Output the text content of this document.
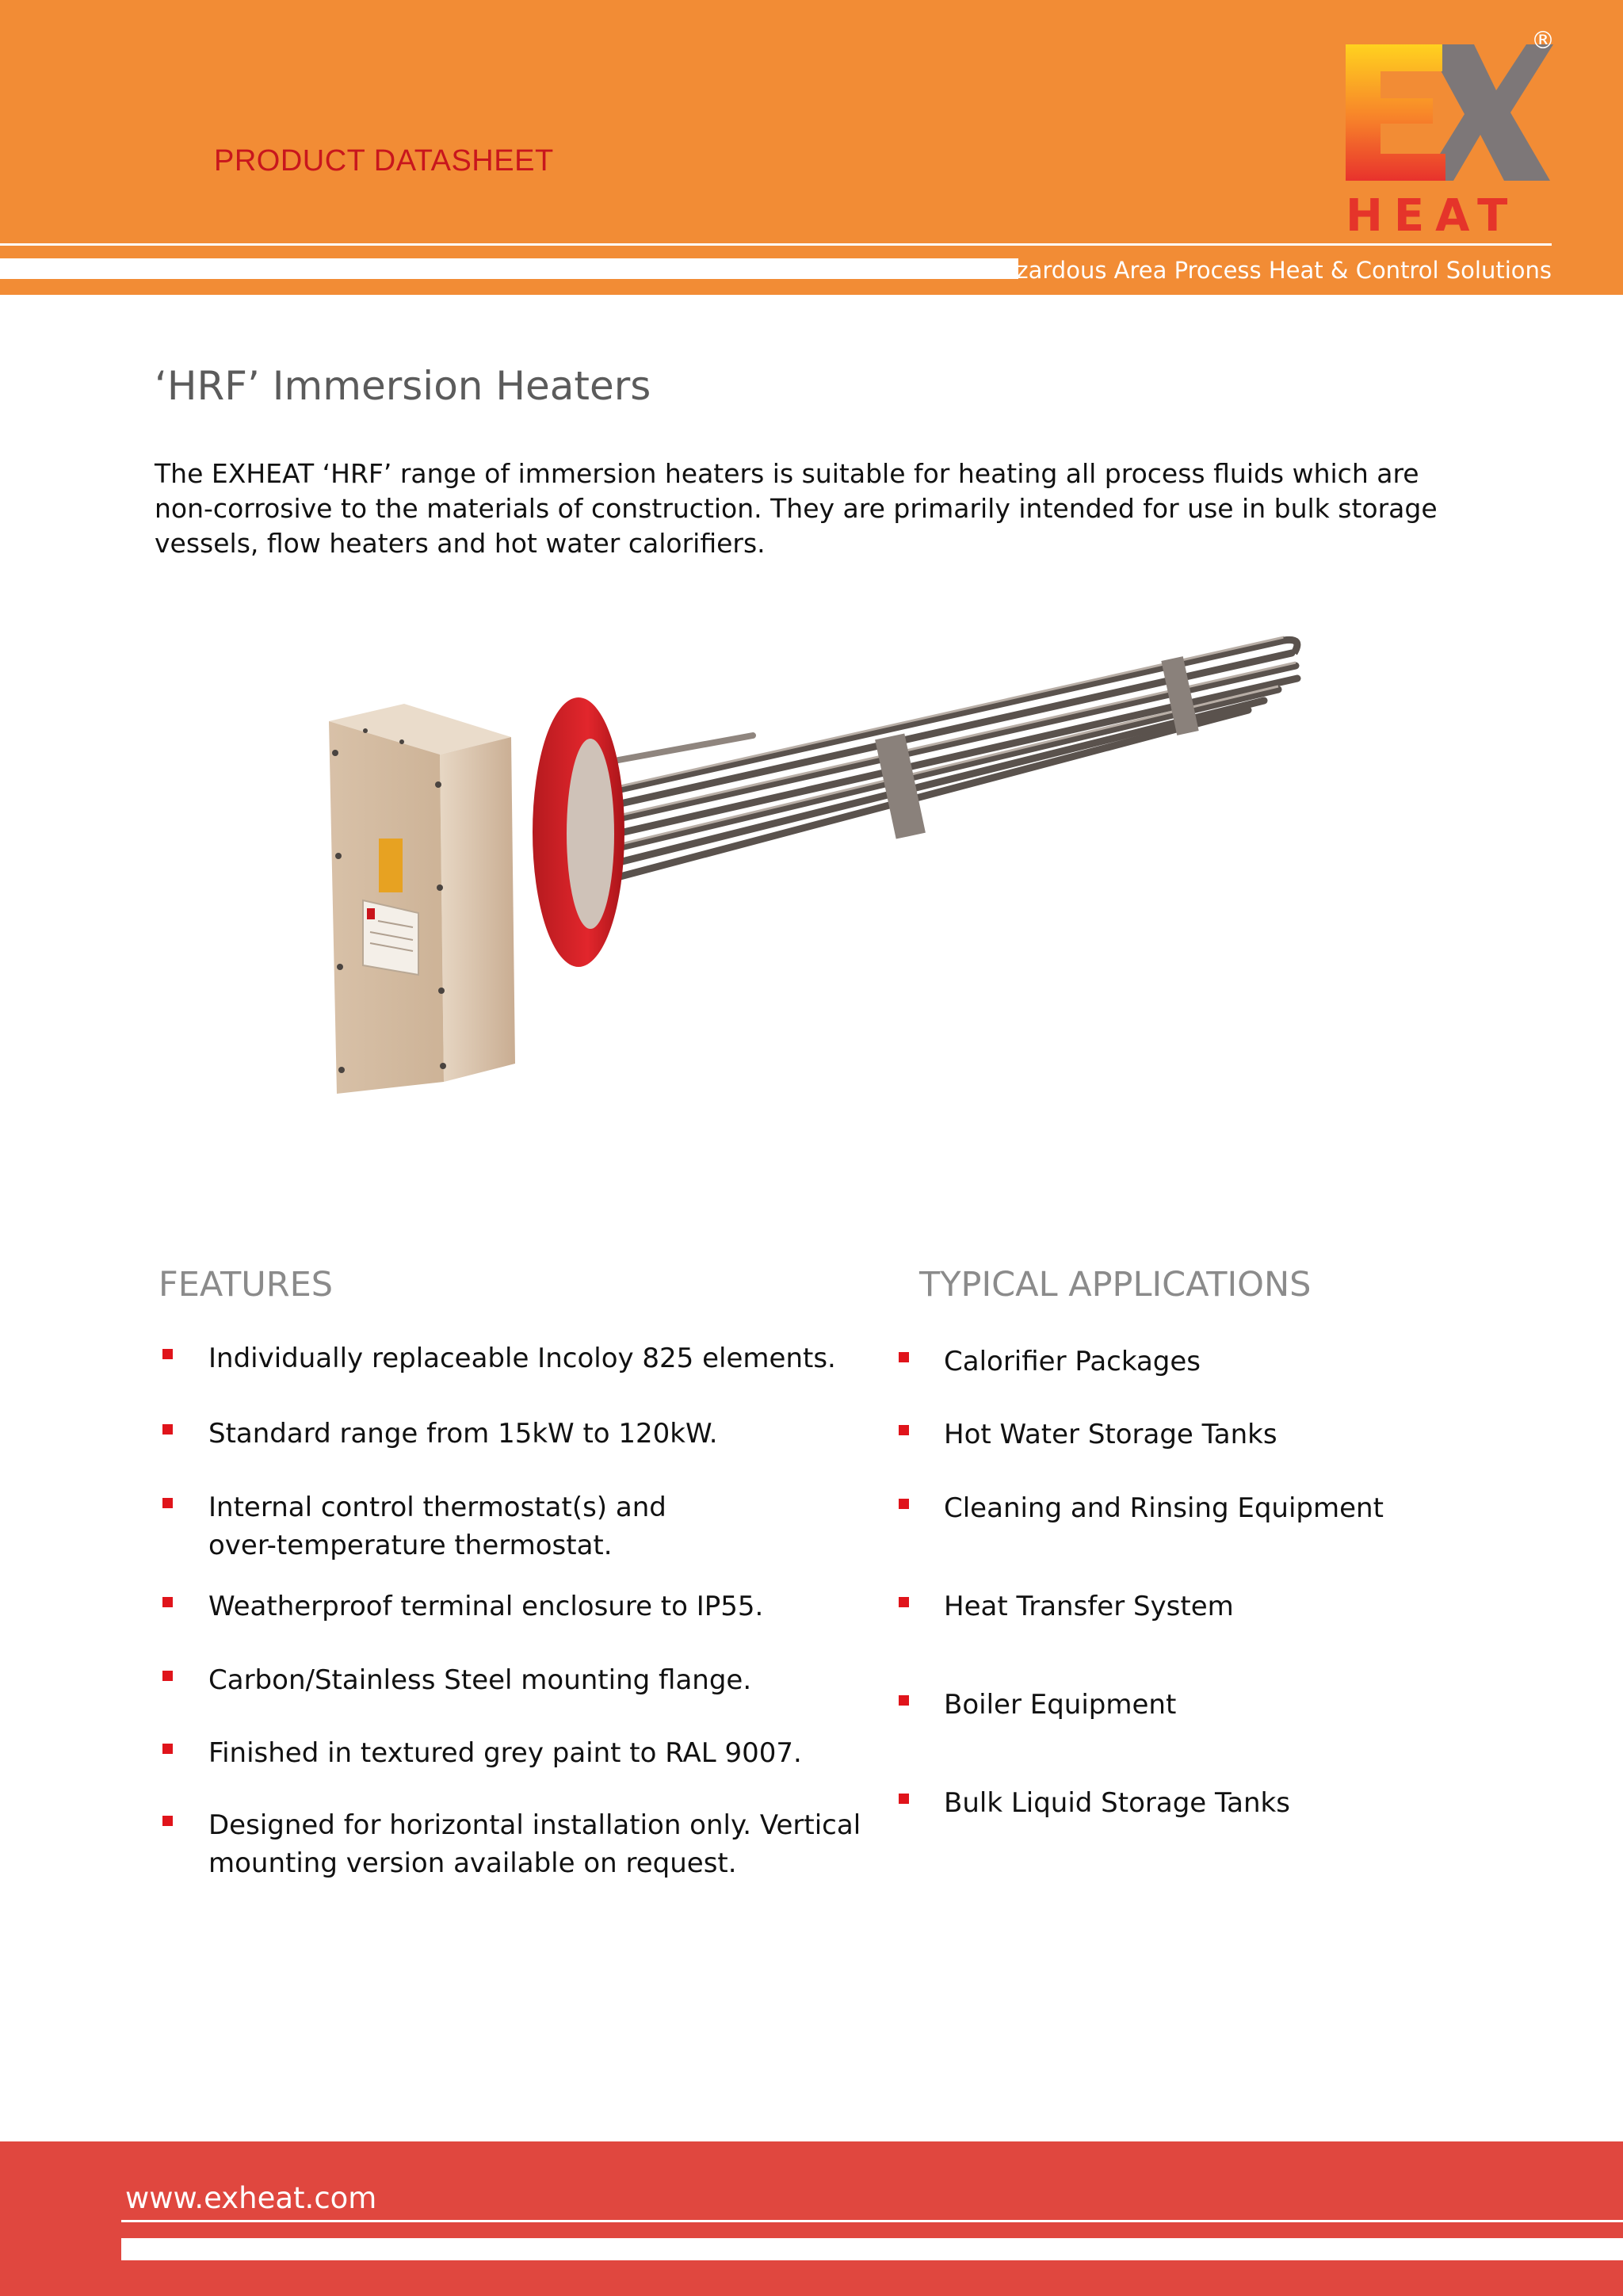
PRODUCT DATASHEET
HEAT
®
Hazardous Area Process Heat & Control Solutions
‘HRF’ Immersion Heaters
The EXHEAT ‘HRF’ range of immersion heaters is suitable for heating all process fluids which are non-corrosive to the materials of construction. They are primarily intended for use in bulk storage vessels, flow heaters and hot water calorifiers.
FEATURES
Individually replaceable Incoloy 825 elements.
Standard range from 15kW to 120kW.
Internal control thermostat(s) and over-temperature thermostat.
Weatherproof terminal enclosure to IP55.
Carbon/Stainless Steel mounting flange.
Finished in textured grey paint to RAL 9007.
Designed for horizontal installation only. Vertical mounting version available on request.
TYPICAL APPLICATIONS
Calorifier Packages
Hot Water Storage Tanks
Cleaning and Rinsing Equipment
Heat Transfer System
Boiler Equipment
Bulk Liquid Storage Tanks
www.exheat.com
